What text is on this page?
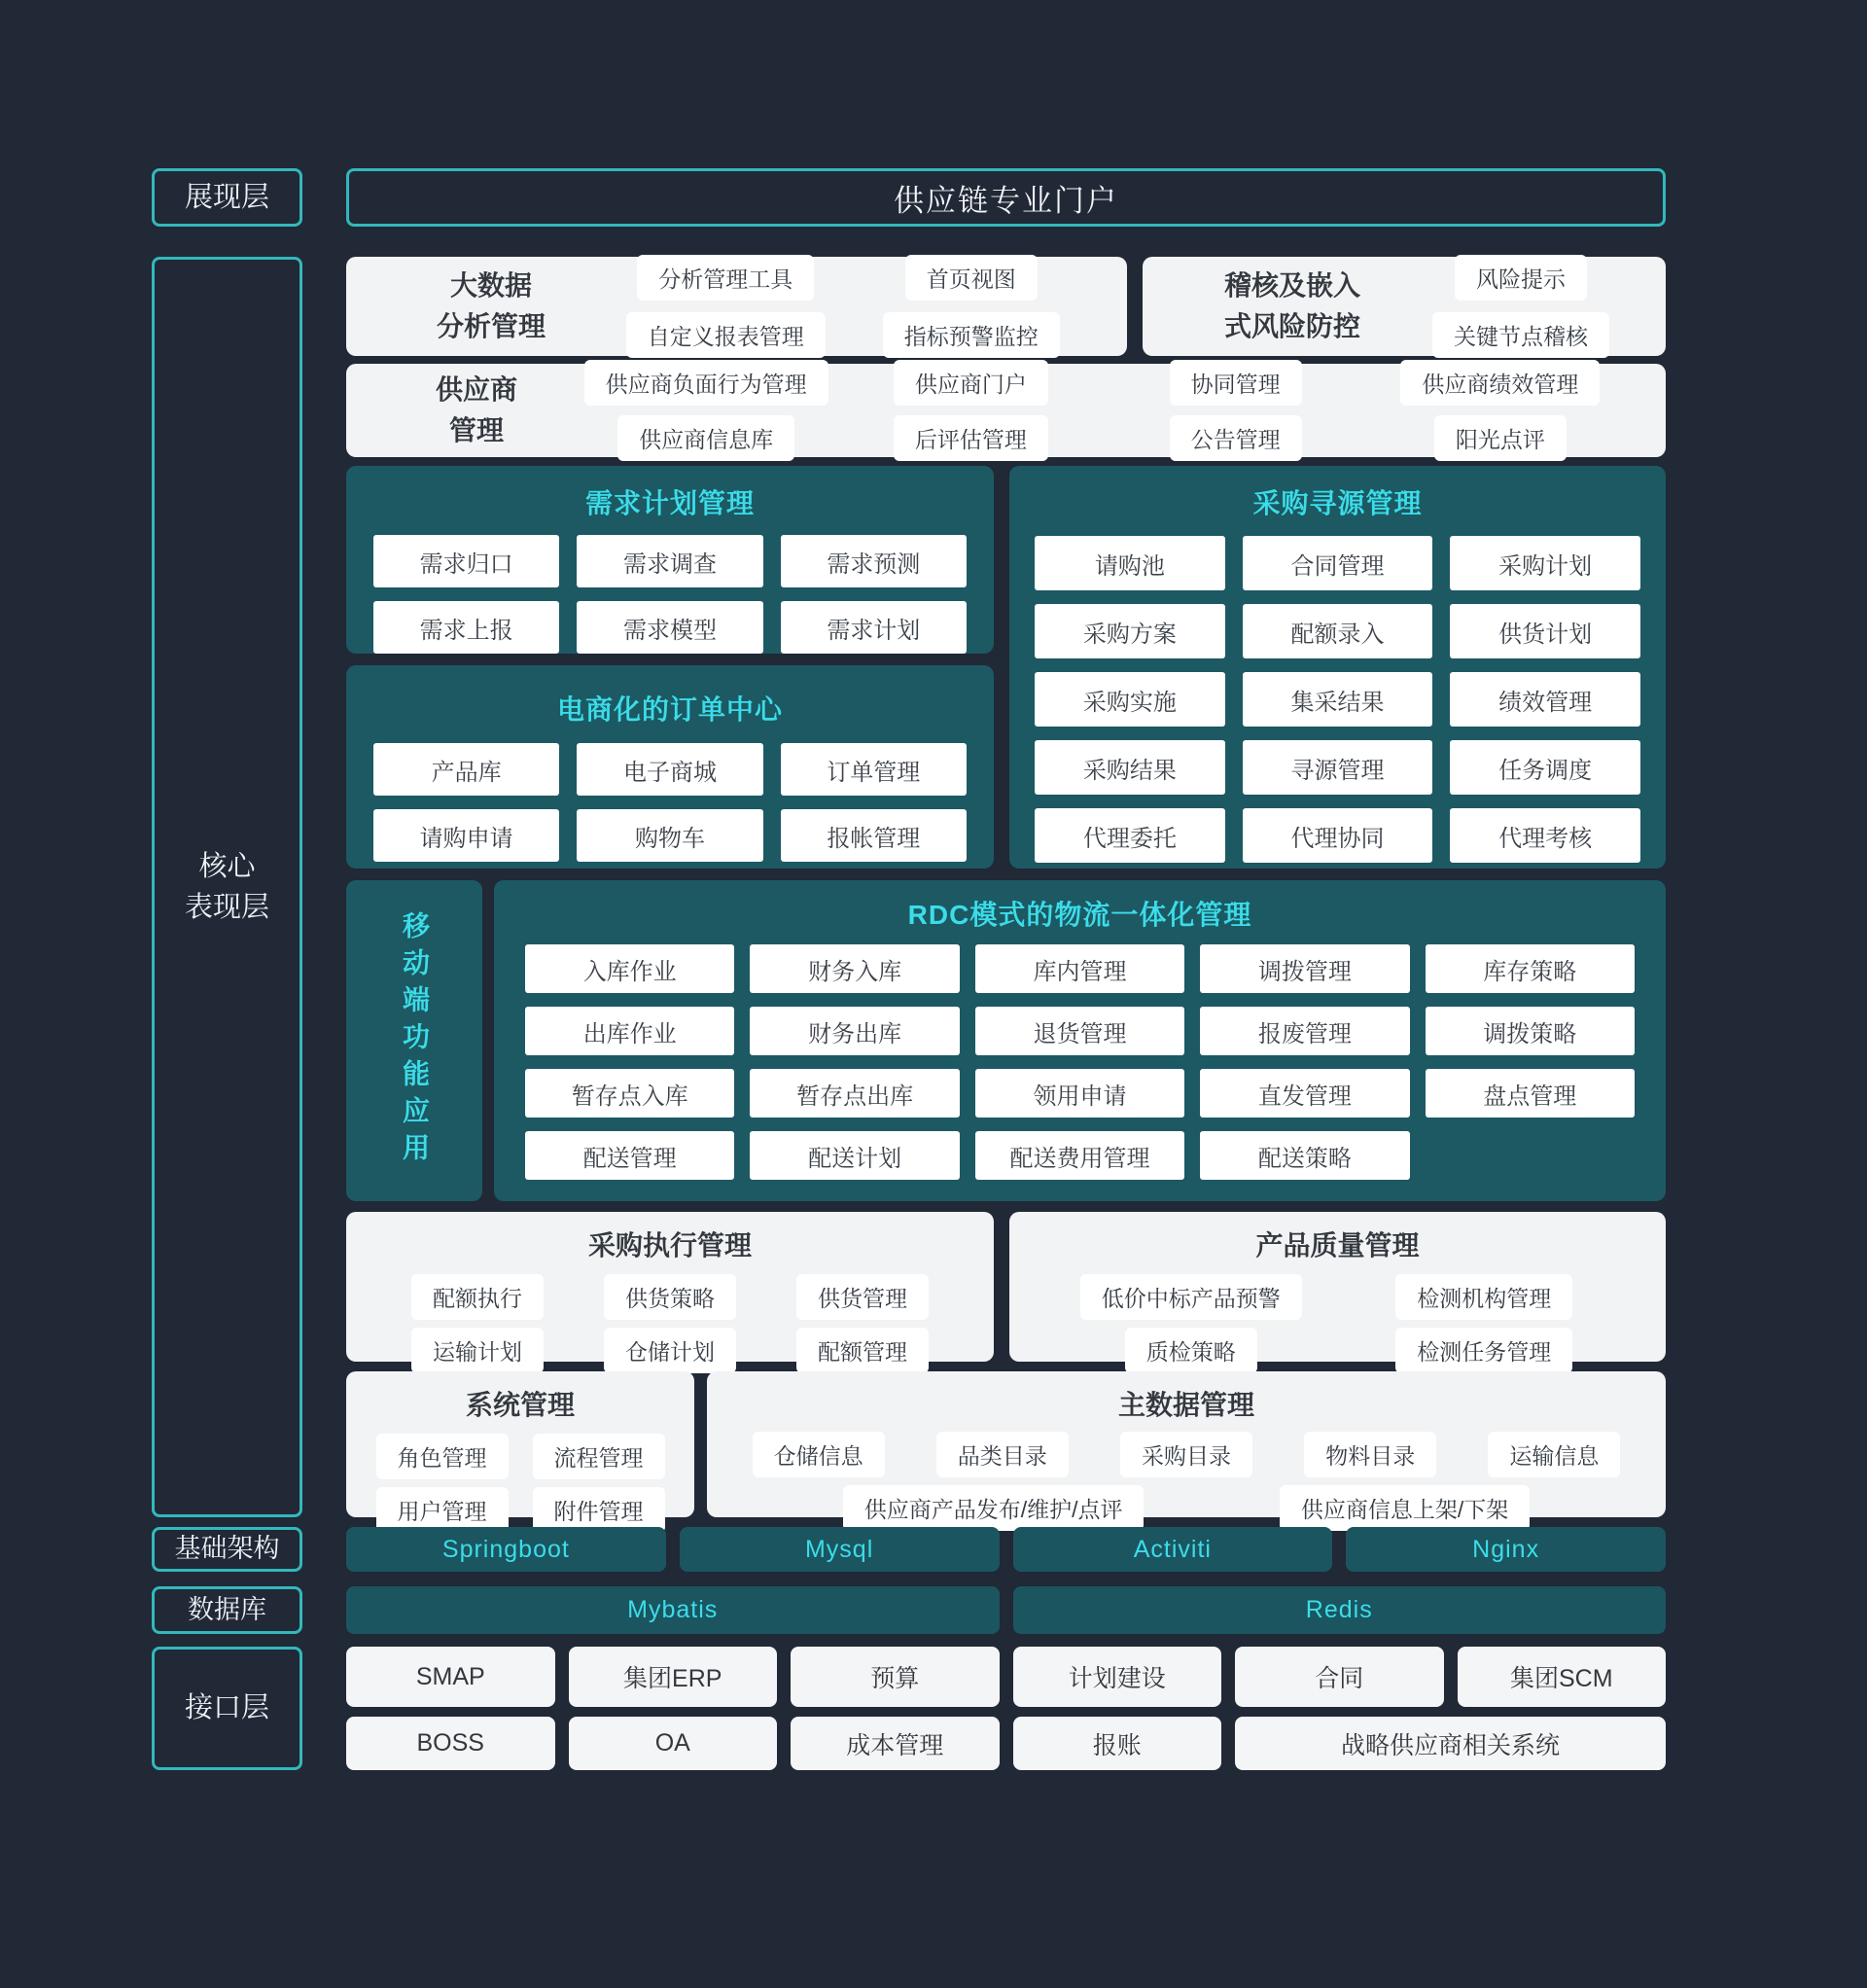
展现层
核心
表现层
基础架构
数据库
接口层
供应链专业门户
大数据
分析管理
分析管理工具	首页视图
自定义报表管理	指标预警监控
稽核及嵌入
式风险防控
风险提示
关键节点稽核
供应商
管理
供应商负面行为管理	供应商门户	协同管理	供应商绩效管理
供应商信息库	后评估管理	公告管理	阳光点评
需求计划管理
需求归口	需求调查	需求预测
需求上报	需求模型	需求计划
采购寻源管理
请购池	合同管理	采购计划
采购方案	配额录入	供货计划
采购实施	集采结果	绩效管理
采购结果	寻源管理	任务调度
代理委托	代理协同	代理考核
电商化的订单中心
产品库	电子商城	订单管理
请购申请	购物车	报帐管理
移动端功能应用	RDC模式的物流一体化管理
入库作业	财务入库	库内管理	调拨管理	库存策略
出库作业	财务出库	退货管理	报废管理	调拨策略
暂存点入库	暂存点出库	领用申请	直发管理	盘点管理
配送管理	配送计划	配送费用管理	配送策略
采购执行管理
配额执行	供货策略	供货管理
运输计划	仓储计划	配额管理
产品质量管理
低价中标产品预警	检测机构管理
质检策略	检测任务管理
系统管理
角色管理	流程管理
用户管理	附件管理
主数据管理
仓储信息	品类目录	采购目录	物料目录	运输信息
供应商产品发布/维护/点评	供应商信息上架/下架
Springboot	Mysql	Activiti	Nginx
Mybatis	Redis
SMAP	集团ERP	预算	计划建设	合同	集团SCM
BOSS	OA	成本管理	报账	战略供应商相关系统
